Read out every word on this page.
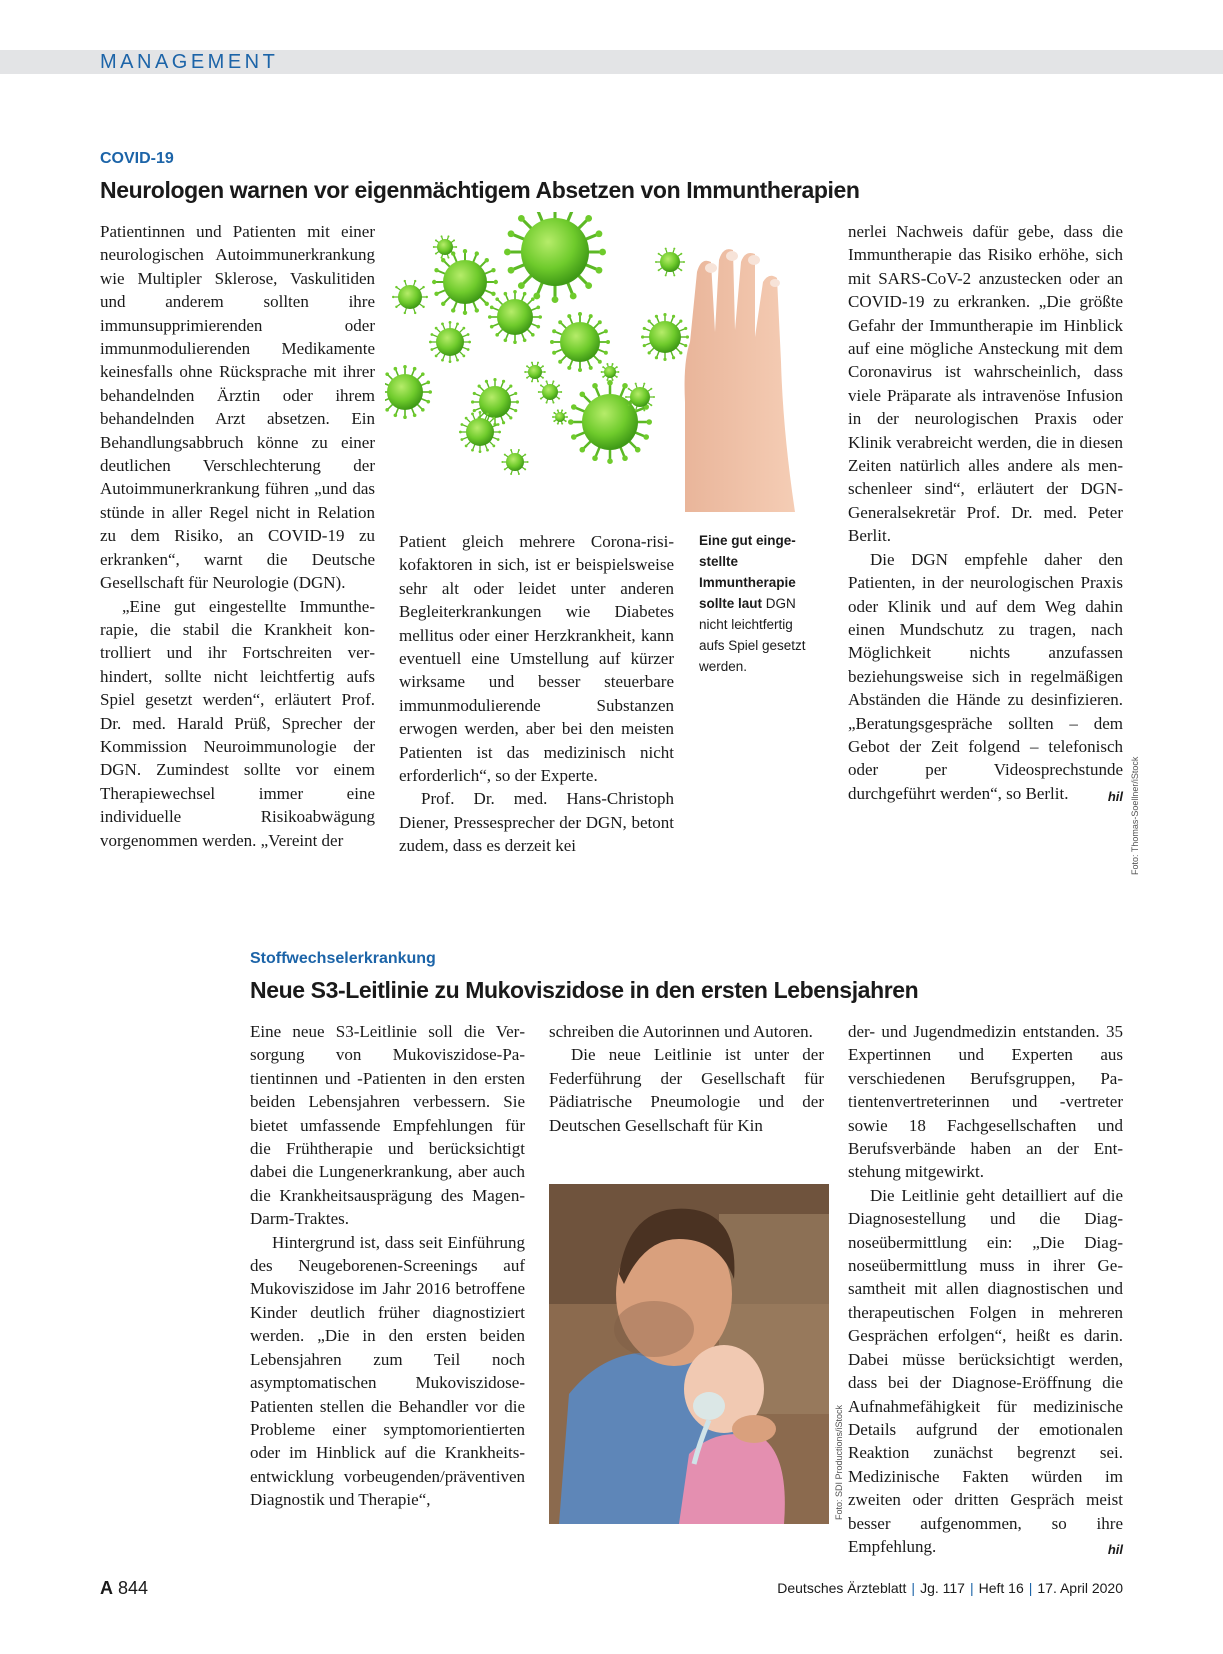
MANAGEMENT
COVID-19
Neurologen warnen vor eigenmächtigem Absetzen von Immuntherapien

Patientinnen und Patienten mit einer neurologischen Autoimmunerkrankung wie Multipler Sklerose, Vaskulitiden und anderem sollten ihre immunsupprimierenden oder immunmodulierenden Medikamente keinesfalls ohne Rücksprache mit ihrer behandelnden Ärztin oder ihrem behandelnden Arzt absetzen. Ein Behandlungsabbruch könne zu einer deutlichen Verschlechterung der Autoimmunerkrankung führen „und das stünde in aller Regel nicht in Relation zu dem Risiko, an COVID-19 zu erkranken“, warnt die Deutsche Gesellschaft für Neurologie (DGN).

„Eine gut eingestellte Immuntherapie, die stabil die Krankheit kontrolliert und ihr Fortschreiten verhindert, sollte nicht leichtfertig aufs Spiel gesetzt werden“, erläutert Prof. Dr. med. Harald Prüß, Sprecher der Kommission Neuroimmunologie der DGN. Zumindest sollte vor einem Therapiewechsel immer eine individuelle Risikoabwägung vorgenommen werden. „Vereint der

Patient gleich mehrere Corona-risikofaktoren in sich, ist er beispielsweise sehr alt oder leidet unter anderen Begleiterkrankungen wie Diabetes mellitus oder einer Herzkrankheit, kann eventuell eine Umstellung auf kürzer wirksame und besser steuerbare immunmodulierende Substanzen erwogen werden, aber bei den meisten Patienten ist das medizinisch nicht erforderlich“, so der Experte.

Prof. Dr. med. Hans-Christoph Diener, Pressesprecher der DGN, betont zudem, dass es derzeit kei

Eine gut eingestellte Immuntherapie sollte laut DGN nicht leichtfertig aufs Spiel gesetzt werden.

nerlei Nachweis dafür gebe, dass die Immuntherapie das Risiko erhöhe, sich mit SARS-CoV-2 anzustecken oder an COVID-19 zu erkranken. „Die größte Gefahr der Immuntherapie im Hinblick auf eine mögliche Ansteckung mit dem Coronavirus ist wahrscheinlich, dass viele Präparate als intravenöse Infusion in der neurologischen Praxis oder Klinik verabreicht werden, die in diesen Zeiten natürlich alles andere als menschenleer sind“, erläutert der DGN-Generalsekretär Prof. Dr. med. Peter Berlit.

Die DGN empfehle daher den Patienten, in der neurologischen Praxis oder Klinik und auf dem Weg dahin einen Mundschutz zu tragen, nach Möglichkeit nichts anzufassen beziehungsweise sich in regelmäßigen Abständen die Hände zu desinfizieren. „Beratungsgespräche sollten – dem Gebot der Zeit folgend – telefonisch oder per Videosprechstunde durchgeführt werden“, so Berlit.	hil Foto: Thomas-Soellner/iStock
Stoffwechselerkrankung
Neue S3-Leitlinie zu Mukoviszidose in den ersten Lebensjahren

Eine neue S3-Leitlinie soll die Versorgung von Mukoviszidose-Patientinnen und -Patienten in den ersten beiden Lebensjahren verbessern. Sie bietet umfassende Empfehlungen für die Frühtherapie und berücksichtigt dabei die Lungenerkrankung, aber auch die Krankheitsausprägung des Magen-Darm-Traktes.

Hintergrund ist, dass seit Einführung des Neugeborenen-Screenings auf Mukoviszidose im Jahr 2016 betroffene Kinder deutlich früher diagnostiziert werden. „Die in den ersten beiden Lebensjahren zum Teil noch asymptomatischen Mukoviszidose-Patienten stellen die Behandler vor die Probleme einer symptomorientierten oder im Hinblick auf die Krankheitsentwicklung vorbeugenden/präventiven Diagnostik und Therapie“,

schreiben die Autorinnen und Autoren.

Die neue Leitlinie ist unter der Federführung der Gesellschaft für Pädiatrische Pneumologie und der Deutschen Gesellschaft für Kin

Foto: SDI Productions/iStock

der- und Jugendmedizin entstanden. 35 Expertinnen und Experten aus verschiedenen Berufsgruppen, Patientenvertreterinnen und -vertreter sowie 18 Fachgesellschaften und Berufsverbände haben an der Entstehung mitgewirkt.

Die Leitlinie geht detailliert auf die Diagnosestellung und die Diagnoseübermittlung ein: „Die Diagnoseübermittlung muss in ihrer Gesamtheit mit allen diagnostischen und therapeutischen Folgen in mehreren Gesprächen erfolgen“, heißt es darin. Dabei müsse berücksichtigt werden, dass bei der Diagnose-Eröffnung die Aufnahmefähigkeit für medizinische Details aufgrund der emotionalen Reaktion zunächst begrenzt sei. Medizinische Fakten würden im zweiten oder dritten Gespräch meist besser aufgenommen, so ihre Empfehlung.	hil

A 844	Deutsches Ärzteblatt | Jg. 117 | Heft 16 | 17. April 2020
